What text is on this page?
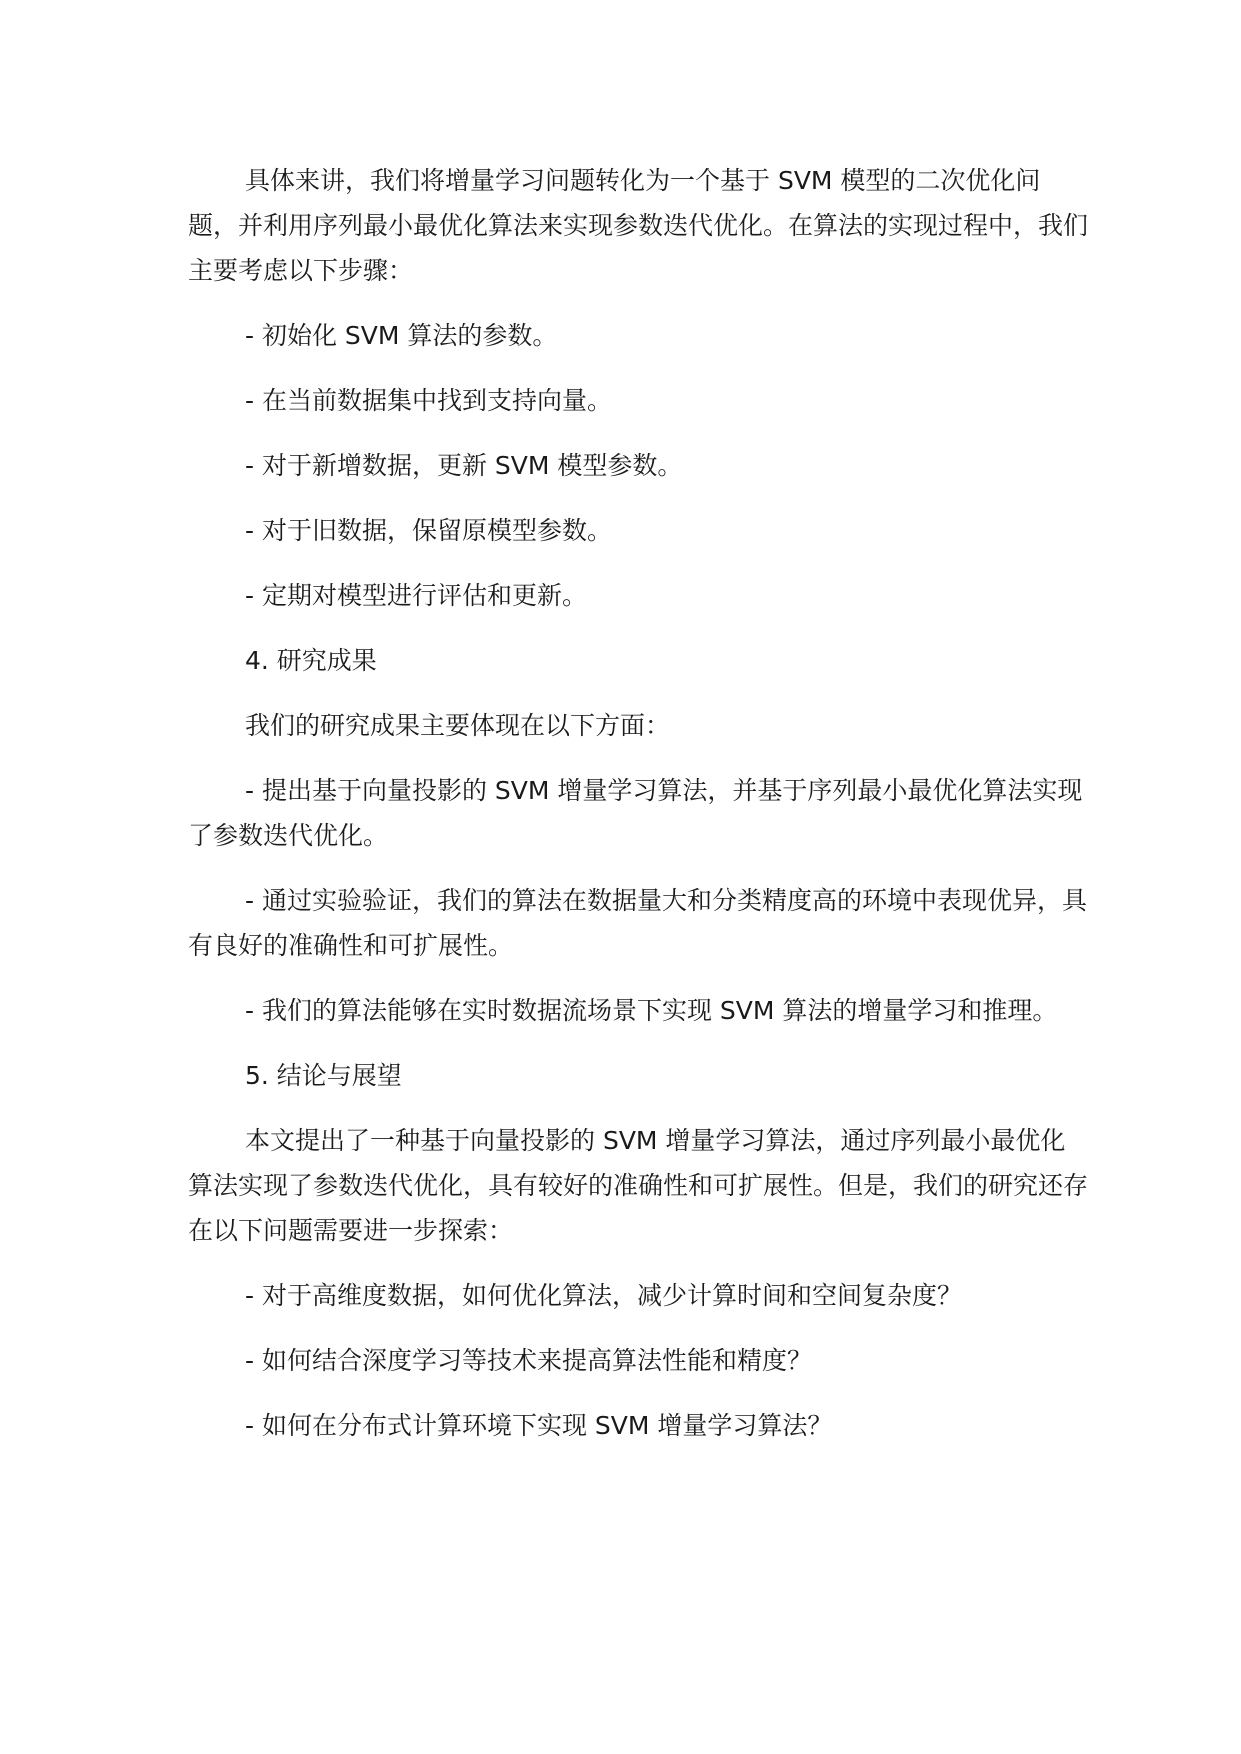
具体来讲，我们将增量学习问题转化为一个基于 SVM 模型的二次优化问题，并利用序列最小最优化算法来实现参数迭代优化。在算法的实现过程中，我们主要考虑以下步骤：

- 初始化 SVM 算法的参数。

- 在当前数据集中找到支持向量。

- 对于新增数据，更新 SVM 模型参数。

- 对于旧数据，保留原模型参数。

- 定期对模型进行评估和更新。

4. 研究成果

我们的研究成果主要体现在以下方面：

- 提出基于向量投影的 SVM 增量学习算法，并基于序列最小最优化算法实现了参数迭代优化。

- 通过实验验证，我们的算法在数据量大和分类精度高的环境中表现优异，具有良好的准确性和可扩展性。

- 我们的算法能够在实时数据流场景下实现 SVM 算法的增量学习和推理。

5. 结论与展望

本文提出了一种基于向量投影的 SVM 增量学习算法，通过序列最小最优化算法实现了参数迭代优化，具有较好的准确性和可扩展性。但是，我们的研究还存在以下问题需要进一步探索：

- 对于高维度数据，如何优化算法，减少计算时间和空间复杂度？

- 如何结合深度学习等技术来提高算法性能和精度？

- 如何在分布式计算环境下实现 SVM 增量学习算法？
